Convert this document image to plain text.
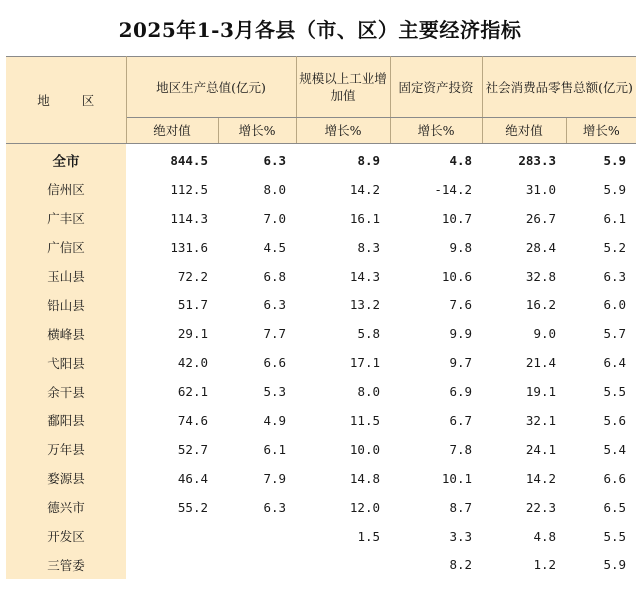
2025年1-3月各县（市、区）主要经济指标
地 区	地区生产总值(亿元)		规模以上工业增加值	固定资产投资	社会消费品零售总额(亿元)	
	绝对值	增长%	增长%	增长%	绝对值	增长%
全市	844.5	6.3	8.9	4.8	283.3	5.9
信州区	112.5	8.0	14.2	-14.2	31.0	5.9
广丰区	114.3	7.0	16.1	10.7	26.7	6.1
广信区	131.6	4.5	8.3	9.8	28.4	5.2
玉山县	72.2	6.8	14.3	10.6	32.8	6.3
铅山县	51.7	6.3	13.2	7.6	16.2	6.0
横峰县	29.1	7.7	5.8	9.9	9.0	5.7
弋阳县	42.0	6.6	17.1	9.7	21.4	6.4
余干县	62.1	5.3	8.0	6.9	19.1	5.5
鄱阳县	74.6	4.9	11.5	6.7	32.1	5.6
万年县	52.7	6.1	10.0	7.8	24.1	5.4
婺源县	46.4	7.9	14.8	10.1	14.2	6.6
德兴市	55.2	6.3	12.0	8.7	22.3	6.5
开发区			1.5	3.3	4.8	5.5
三管委				8.2	1.2	5.9
